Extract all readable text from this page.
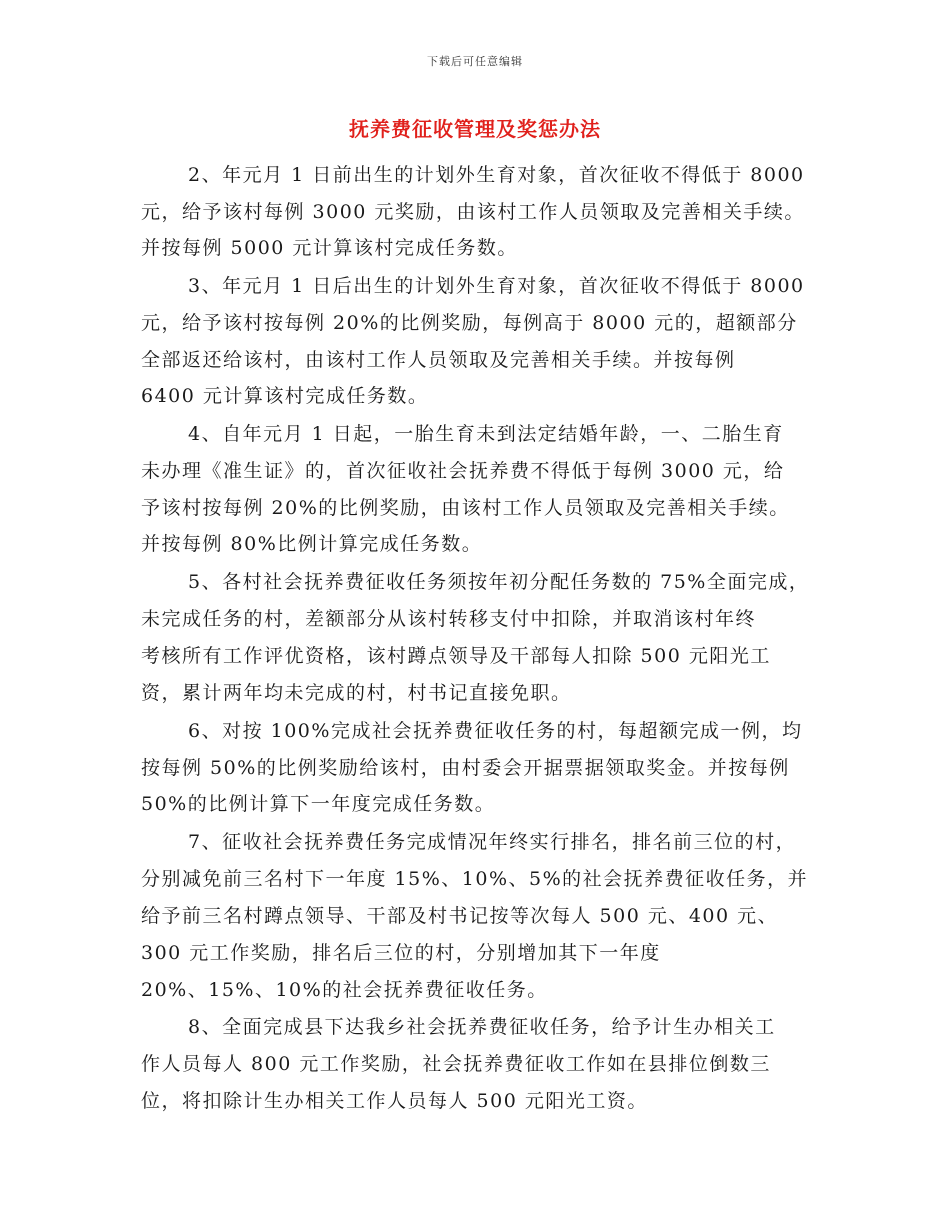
下载后可任意编辑
抚养费征收管理及奖惩办法
2、年元月 1 日前出生的计划外生育对象，首次征收不得低于 8000
元，给予该村每例 3000 元奖励，由该村工作人员领取及完善相关手续。
并按每例 5000 元计算该村完成任务数。
3、年元月 1 日后出生的计划外生育对象，首次征收不得低于 8000
元，给予该村按每例 20%的比例奖励，每例高于 8000 元的，超额部分
全部返还给该村，由该村工作人员领取及完善相关手续。并按每例
6400 元计算该村完成任务数。
4、自年元月 1 日起，一胎生育未到法定结婚年龄，一、二胎生育
未办理《准生证》的，首次征收社会抚养费不得低于每例 3000 元，给
予该村按每例 20%的比例奖励，由该村工作人员领取及完善相关手续。
并按每例 80%比例计算完成任务数。
5、各村社会抚养费征收任务须按年初分配任务数的 75%全面完成，
未完成任务的村，差额部分从该村转移支付中扣除，并取消该村年终
考核所有工作评优资格，该村蹲点领导及干部每人扣除 500 元阳光工
资，累计两年均未完成的村，村书记直接免职。
6、对按 100%完成社会抚养费征收任务的村，每超额完成一例，均
按每例 50%的比例奖励给该村，由村委会开据票据领取奖金。并按每例
50%的比例计算下一年度完成任务数。
7、征收社会抚养费任务完成情况年终实行排名，排名前三位的村，
分别减免前三名村下一年度 15%、10%、5%的社会抚养费征收任务，并
给予前三名村蹲点领导、干部及村书记按等次每人 500 元、400 元、
300 元工作奖励，排名后三位的村，分别增加其下一年度
20%、15%、10%的社会抚养费征收任务。
8、全面完成县下达我乡社会抚养费征收任务，给予计生办相关工
作人员每人 800 元工作奖励，社会抚养费征收工作如在县排位倒数三
位，将扣除计生办相关工作人员每人 500 元阳光工资。
